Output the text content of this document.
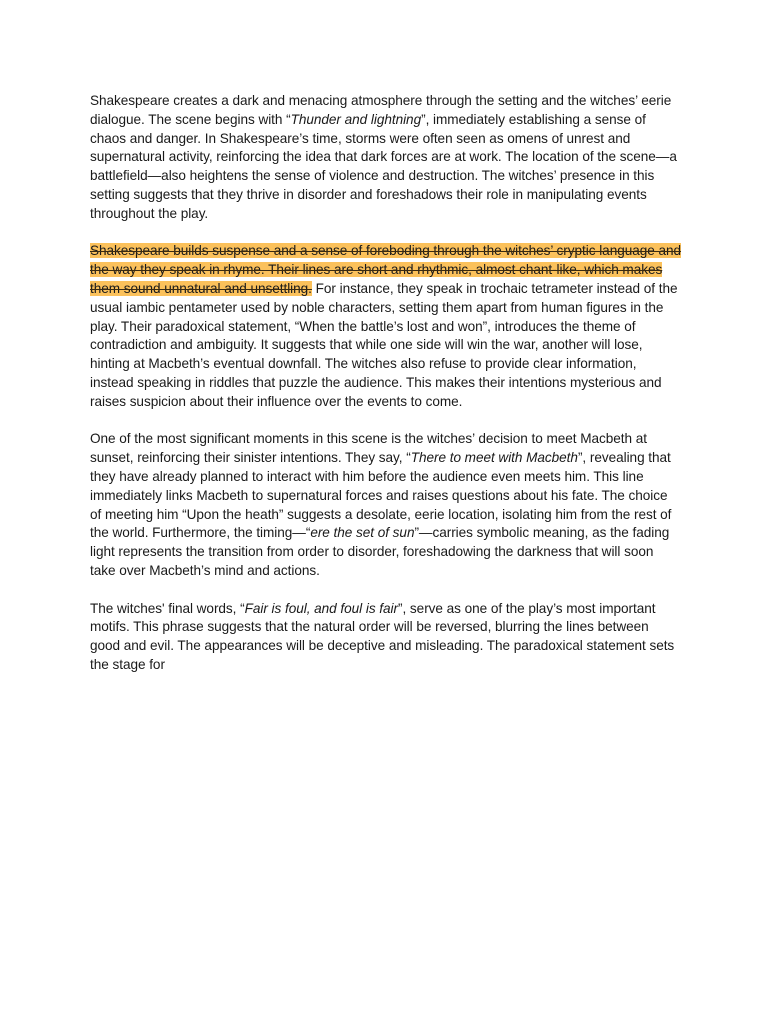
Shakespeare creates a dark and menacing atmosphere through the setting and the witches’ eerie dialogue. The scene begins with “Thunder and lightning”, immediately establishing a sense of chaos and danger. In Shakespeare’s time, storms were often seen as omens of unrest and supernatural activity, reinforcing the idea that dark forces are at work. The location of the scene—a battlefield—also heightens the sense of violence and destruction. The witches’ presence in this setting suggests that they thrive in disorder and foreshadows their role in manipulating events throughout the play.

Shakespeare builds suspense and a sense of foreboding through the witches’ cryptic language and the way they speak in rhyme. Their lines are short and rhythmic, almost chant-like, which makes them sound unnatural and unsettling. For instance, they speak in trochaic tetrameter instead of the usual iambic pentameter used by noble characters, setting them apart from human figures in the play. Their paradoxical statement, “When the battle’s lost and won”, introduces the theme of contradiction and ambiguity. It suggests that while one side will win the war, another will lose, hinting at Macbeth’s eventual downfall. The witches also refuse to provide clear information, instead speaking in riddles that puzzle the audience. This makes their intentions mysterious and raises suspicion about their influence over the events to come.

One of the most significant moments in this scene is the witches’ decision to meet Macbeth at sunset, reinforcing their sinister intentions. They say, “There to meet with Macbeth”, revealing that they have already planned to interact with him before the audience even meets him. This line immediately links Macbeth to supernatural forces and raises questions about his fate. The choice of meeting him “Upon the heath” suggests a desolate, eerie location, isolating him from the rest of the world. Furthermore, the timing—“ere the set of sun”—carries symbolic meaning, as the fading light represents the transition from order to disorder, foreshadowing the darkness that will soon take over Macbeth’s mind and actions.

The witches' final words, “Fair is foul, and foul is fair”, serve as one of the play’s most important motifs. This phrase suggests that the natural order will be reversed, blurring the lines between good and evil. The appearances will be deceptive and misleading. The paradoxical statement sets the stage for
